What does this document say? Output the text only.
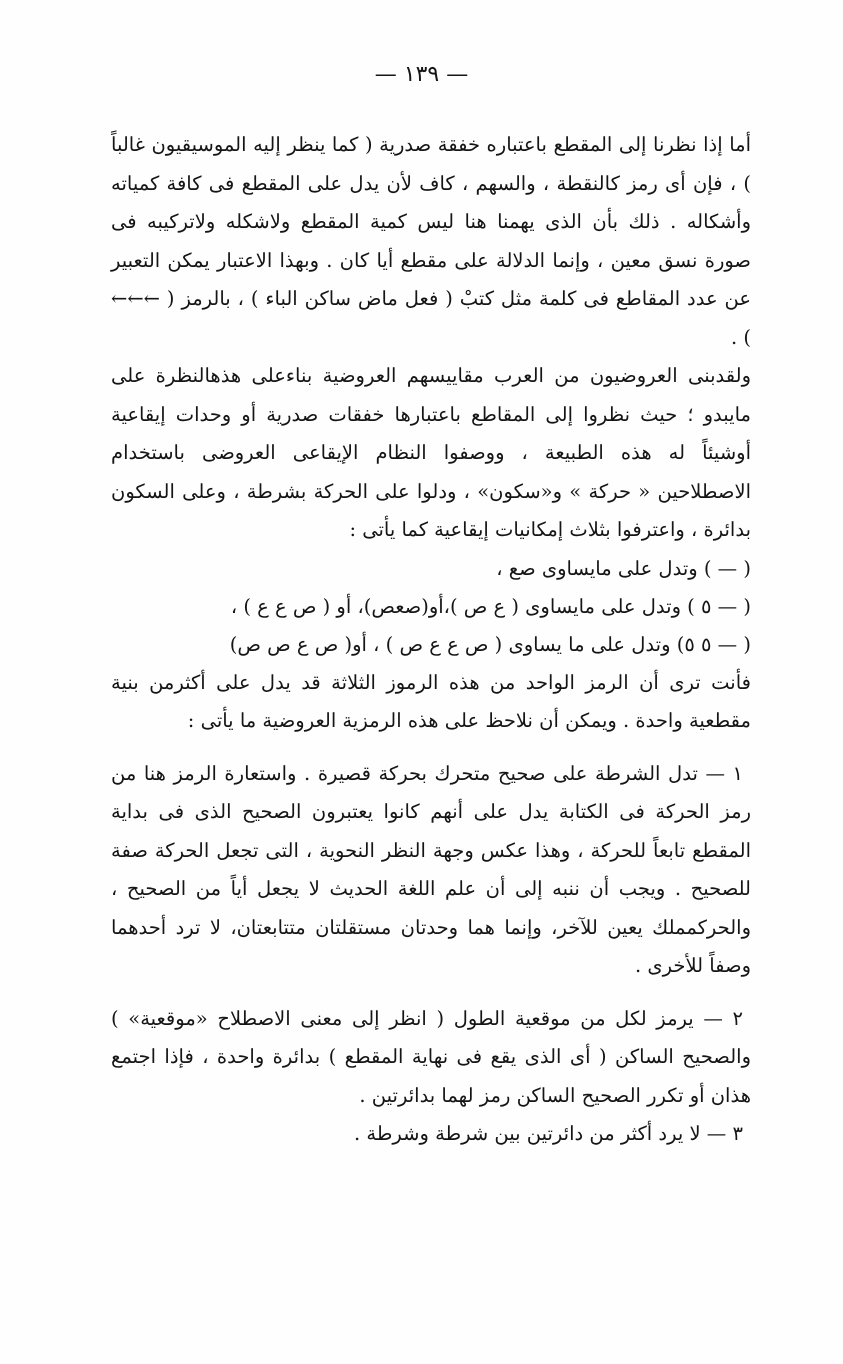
— ١٣٩ —

أما إذا نظرنا إلى المقطع باعتباره خفقة صدرية ( كما ينظر إليه الموسيقيون غالباً ) ، فإن أى رمز كالنقطة ، والسهم ، كاف لأن يدل على المقطع فى كافة كمياته وأشكاله . ذلك بأن الذى يهمنا هنا ليس كمية المقطع ولاشكله ولاتركيبه فى صورة نسق معين ، وإنما الدلالة على مقطع أيا كان . وبهذا الاعتبار يمكن التعبير عن عدد المقاطع فى كلمة مثل كتبْ ( فعل ماض ساكن الباء ) ، بالرمز ( ←←← ) .

ولقدبنى العروضيون من العرب مقاييسهم العروضية بناءعلى هذهالنظرة على مايبدو ؛ حيث نظروا إلى المقاطع باعتبارها خفقات صدرية أو وحدات إيقاعية أوشيئاً له هذه الطبيعة ، ووصفوا النظام الإيقاعى العروضى باستخدام الاصطلاحين « حركة » و«سكون» ، ودلوا على الحركة بشرطة ، وعلى السكون بدائرة ، واعترفوا بثلاث إمكانيات إيقاعية كما يأتى :

( — ) وتدل على مايساوى صع ،

( — ٥ ) وتدل على مايساوى ( ع ص )،أو(صعص)، أو ( ص ع ع ) ،

( — ٥ ٥) وتدل على ما يساوى ( ص ع ع ص ) ، أو( ص ع ص ص)

فأنت ترى أن الرمز الواحد من هذه الرموز الثلاثة قد يدل على أكثرمن بنية مقطعية واحدة . ويمكن أن نلاحظ على هذه الرمزية العروضية ما يأتى :

١ — تدل الشرطة على صحيح متحرك بحركة قصيرة . واستعارة الرمز هنا من رمز الحركة فى الكتابة يدل على أنهم كانوا يعتبرون الصحيح الذى فى بداية المقطع تابعاً للحركة ، وهذا عكس وجهة النظر النحوية ، التى تجعل الحركة صفة للصحيح . ويجب أن ننبه إلى أن علم اللغة الحديث لا يجعل أياً من الصحيح ، والحركمملك يعين للآخر، وإنما هما وحدتان مستقلتان متتابعتان، لا ترد أحدهما وصفاً للأخرى .

٢ — يرمز لكل من موقعية الطول ( انظر إلى معنى الاصطلاح «موقعية» ) والصحيح الساكن ( أى الذى يقع فى نهاية المقطع ) بدائرة واحدة ، فإذا اجتمع هذان أو تكرر الصحيح الساكن رمز لهما بدائرتين .

٣ — لا يرد أكثر من دائرتين بين شرطة وشرطة .
